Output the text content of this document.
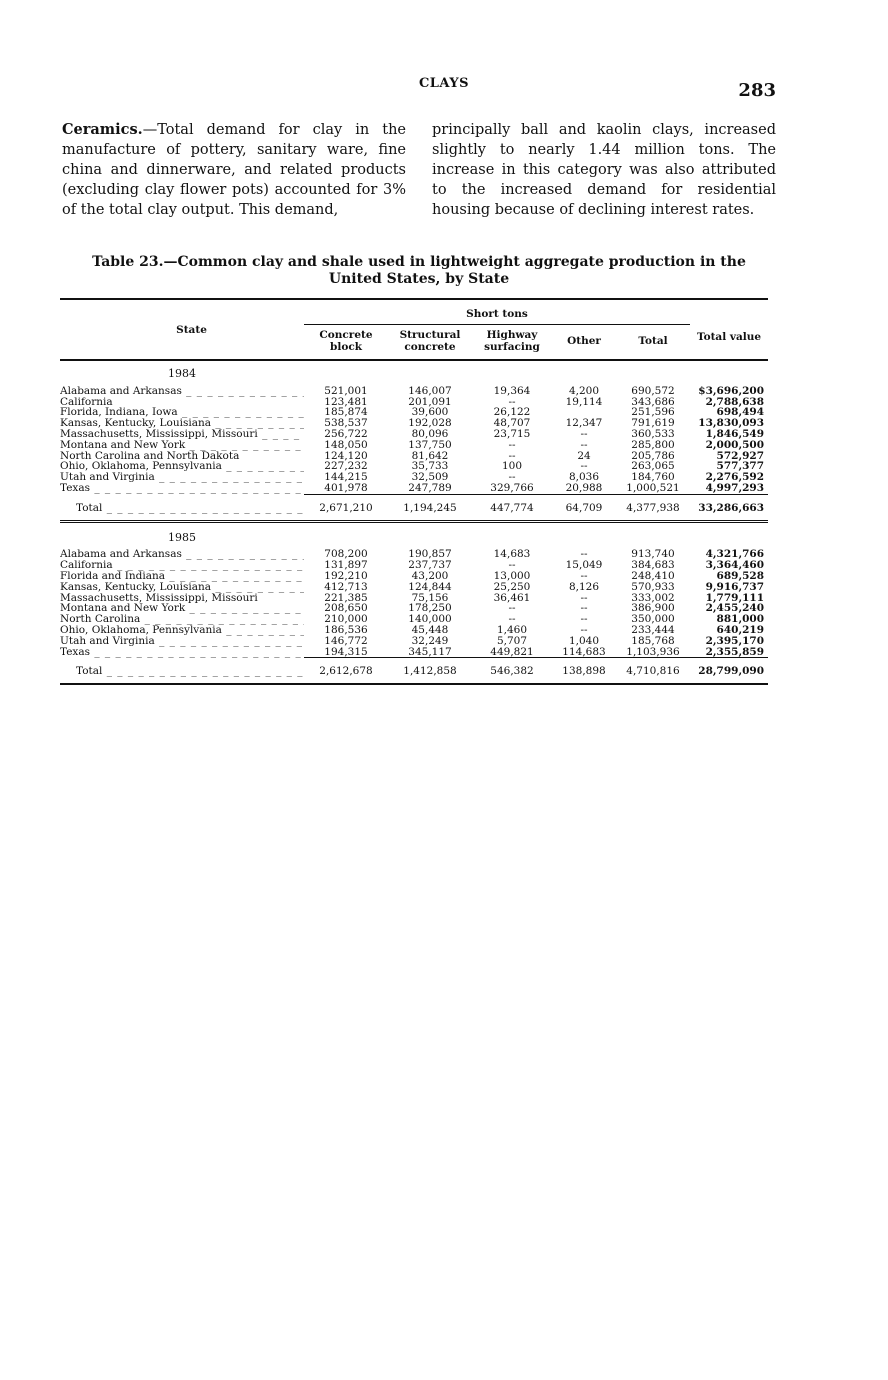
CLAYS	283
Ceramics.—Total demand for clay in the manufacture of pottery, sanitary ware, fine china and dinnerware, and related products (excluding clay flower pots) accounted for 3% of the total clay output. This demand,
principally ball and kaolin clays, increased slightly to nearly 1.44 million tons. The increase in this category was also attributed to the increased demand for residential housing because of declining interest rates.
Table 23.—Common clay and shale used in lightweight aggregate production in the
United States, by State
State	Short tons					Total value
	Concrete block	Structural concrete	Highway surfacing	Other	Total	
1984						
Alabama and Arkansas _ _ _	521,001	146,007	19,364	4,200	690,572	$3,696,200
California _ _ _	123,481	201,091	--	19,114	343,686	2,788,638
Florida, Indiana, Iowa _ _ _	185,874	39,600	26,122		251,596	698,494
Kansas, Kentucky, Louisiana _ _ _	538,537	192,028	48,707	12,347	791,619	13,830,093
Massachusetts, Mississippi, Missouri _ _ _	256,722	80,096	23,715	--	360,533	1,846,549
Montana and New York _ _ _	148,050	137,750	--	--	285,800	2,000,500
North Carolina and North Dakota _ _ _	124,120	81,642	--	24	205,786	572,927
Ohio, Oklahoma, Pennsylvania _ _ _	227,232	35,733	100	--	263,065	577,377
Utah and Virginia _ _ _	144,215	32,509	--	8,036	184,760	2,276,592
Texas _ _ _	401,978	247,789	329,766	20,988	1,000,521	4,997,293
Total _ _ _	2,671,210	1,194,245	447,774	64,709	4,377,938	33,286,663

1985						
Alabama and Arkansas _ _ _	708,200	190,857	14,683	--	913,740	4,321,766
California _ _ _	131,897	237,737	--	15,049	384,683	3,364,460
Florida and Indiana _ _ _	192,210	43,200	13,000	--	248,410	689,528
Kansas, Kentucky, Louisiana _ _ _	412,713	124,844	25,250	8,126	570,933	9,916,737
Massachusetts, Mississippi, Missouri _ _ _	221,385	75,156	36,461	--	333,002	1,779,111
Montana and New York _ _ _	208,650	178,250	--	--	386,900	2,455,240
North Carolina _ _ _	210,000	140,000	--	--	350,000	881,000
Ohio, Oklahoma, Pennsylvania _ _ _	186,536	45,448	1,460	--	233,444	640,219
Utah and Virginia _ _ _	146,772	32,249	5,707	1,040	185,768	2,395,170
Texas _ _ _	194,315	345,117	449,821	114,683	1,103,936	2,355,859
Total _ _ _	2,612,678	1,412,858	546,382	138,898	4,710,816	28,799,090
